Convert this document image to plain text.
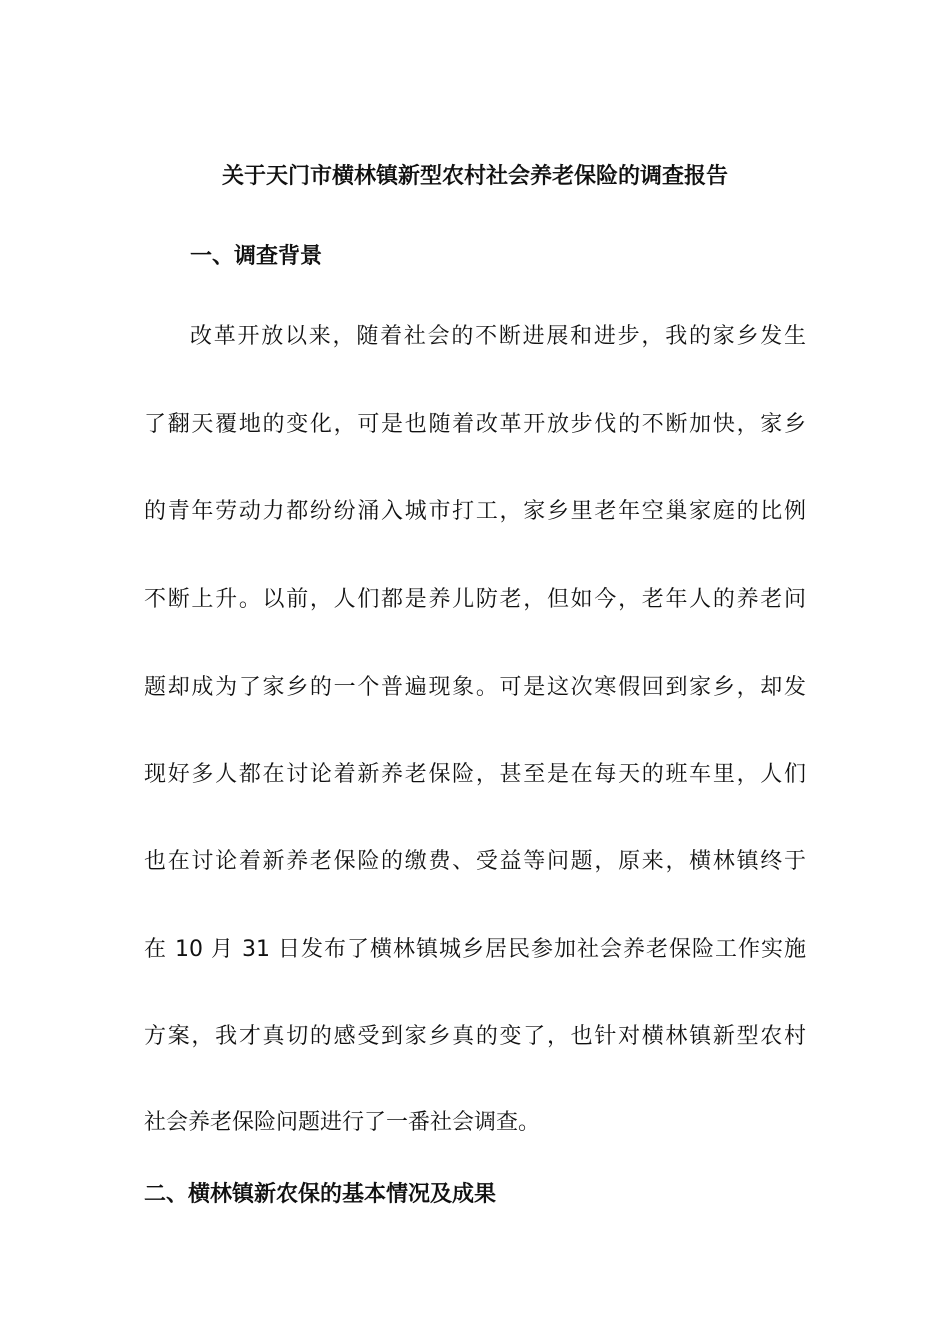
关于天门市横林镇新型农村社会养老保险的调查报告
一、调查背景

改革开放以来，随着社会的不断进展和进步，我的家乡发生

了翻天覆地的变化，可是也随着改革开放步伐的不断加快，家乡

的青年劳动力都纷纷涌入城市打工，家乡里老年空巢家庭的比例

不断上升。以前，人们都是养儿防老，但如今，老年人的养老问

题却成为了家乡的一个普遍现象。可是这次寒假回到家乡，却发

现好多人都在讨论着新养老保险，甚至是在每天的班车里，人们

也在讨论着新养老保险的缴费、受益等问题，原来，横林镇终于

在 10 月 31 日发布了横林镇城乡居民参加社会养老保险工作实施

方案，我才真切的感受到家乡真的变了，也针对横林镇新型农村

社会养老保险问题进行了一番社会调查。

二、横林镇新农保的基本情况及成果
